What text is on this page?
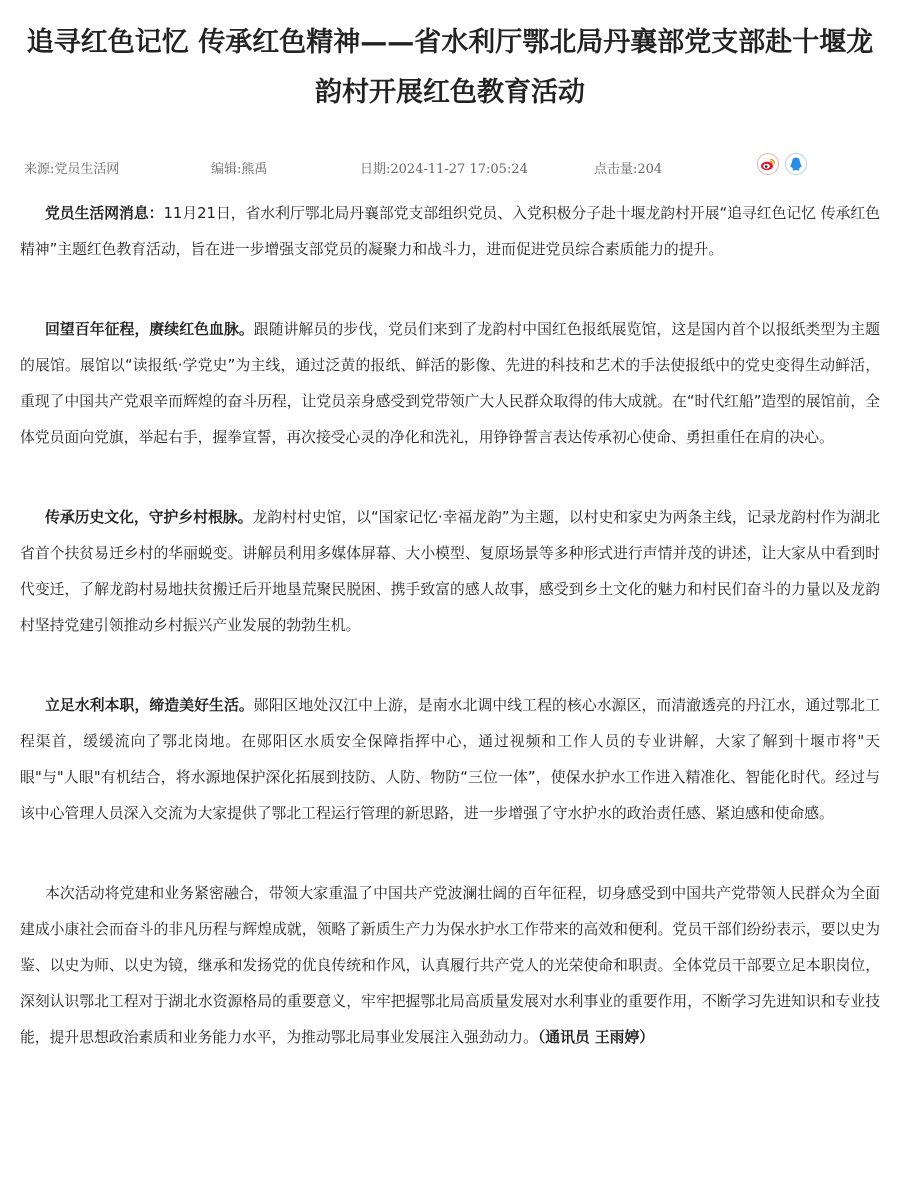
追寻红色记忆 传承红色精神——省水利厅鄂北局丹襄部党支部赴十堰龙韵村开展红色教育活动
来源:党员生活网	编辑:熊禹	日期:2024-11-27 17:05:24	点击量:204

党员生活网消息：11月21日，省水利厅鄂北局丹襄部党支部组织党员、入党积极分子赴十堰龙韵村开展“追寻红色记忆 传承红色精神”主题红色教育活动，旨在进一步增强支部党员的凝聚力和战斗力，进而促进党员综合素质能力的提升。

回望百年征程，赓续红色血脉。跟随讲解员的步伐，党员们来到了龙韵村中国红色报纸展览馆，这是国内首个以报纸类型为主题的展馆。展馆以“读报纸·学党史”为主线，通过泛黄的报纸、鲜活的影像、先进的科技和艺术的手法使报纸中的党史变得生动鲜活，重现了中国共产党艰辛而辉煌的奋斗历程，让党员亲身感受到党带领广大人民群众取得的伟大成就。在“时代红船”造型的展馆前，全体党员面向党旗，举起右手，握拳宣誓，再次接受心灵的净化和洗礼，用铮铮誓言表达传承初心使命、勇担重任在肩的决心。

传承历史文化，守护乡村根脉。龙韵村村史馆，以“国家记忆·幸福龙韵”为主题，以村史和家史为两条主线，记录龙韵村作为湖北省首个扶贫易迁乡村的华丽蜕变。讲解员利用多媒体屏幕、大小模型、复原场景等多种形式进行声情并茂的讲述，让大家从中看到时代变迁，了解龙韵村易地扶贫搬迁后开地垦荒聚民脱困、携手致富的感人故事，感受到乡土文化的魅力和村民们奋斗的力量以及龙韵村坚持党建引领推动乡村振兴产业发展的勃勃生机。

立足水利本职，缔造美好生活。郧阳区地处汉江中上游，是南水北调中线工程的核心水源区，而清澈透亮的丹江水，通过鄂北工程渠首，缓缓流向了鄂北岗地。在郧阳区水质安全保障指挥中心，通过视频和工作人员的专业讲解，大家了解到十堰市将"天眼"与"人眼"有机结合，将水源地保护深化拓展到技防、人防、物防“三位一体”，使保水护水工作进入精准化、智能化时代。经过与该中心管理人员深入交流为大家提供了鄂北工程运行管理的新思路，进一步增强了守水护水的政治责任感、紧迫感和使命感。

本次活动将党建和业务紧密融合，带领大家重温了中国共产党波澜壮阔的百年征程，切身感受到中国共产党带领人民群众为全面建成小康社会而奋斗的非凡历程与辉煌成就，领略了新质生产力为保水护水工作带来的高效和便利。党员干部们纷纷表示，要以史为鉴、以史为师、以史为镜，继承和发扬党的优良传统和作风，认真履行共产党人的光荣使命和职责。全体党员干部要立足本职岗位，深刻认识鄂北工程对于湖北水资源格局的重要意义，牢牢把握鄂北局高质量发展对水利事业的重要作用，不断学习先进知识和专业技能，提升思想政治素质和业务能力水平，为推动鄂北局事业发展注入强劲动力。（通讯员 王雨婷）
